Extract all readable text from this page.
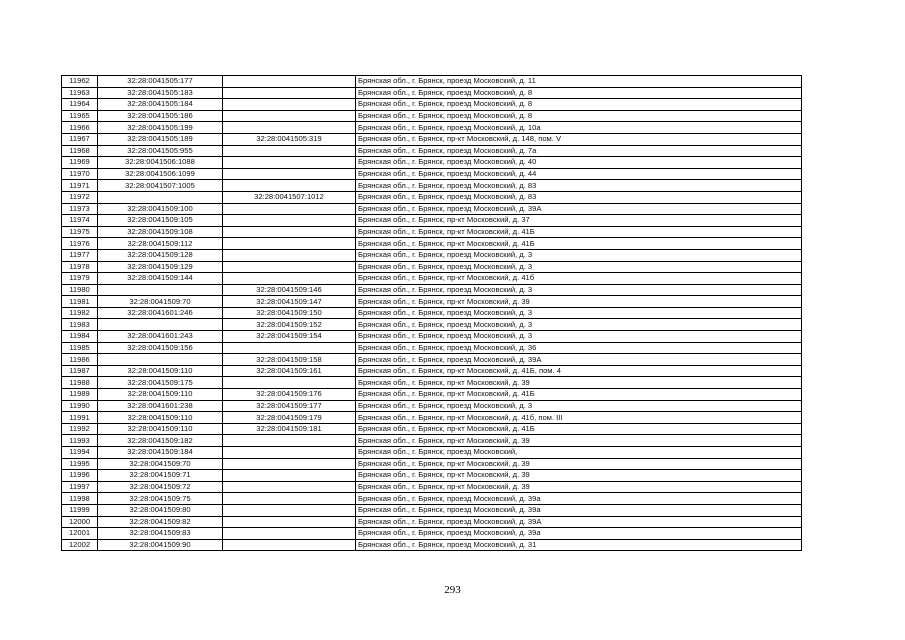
11962	32:28:0041505:177		Брянская обл., г. Брянск, проезд Московский, д. 11
11963	32:28:0041505:183		Брянская обл., г. Брянск, проезд Московский, д. 8
11964	32:28:0041505:184		Брянская обл., г. Брянск, проезд Московский, д. 8
11965	32:28:0041505:186		Брянская обл., г. Брянск, проезд Московский, д. 8
11966	32:28:0041505:199		Брянская обл., г. Брянск, проезд Московский, д. 10а
11967	32:28:0041505:189	32:28:0041505:319	Брянская обл., г. Брянск, пр-кт Московский, д. 148, пом. V
11968	32:28:0041505:955		Брянская обл., г. Брянск, проезд Московский, д. 7а
11969	32:28:0041506:1088		Брянская обл., г. Брянск, проезд Московский, д. 40
11970	32:28:0041506:1099		Брянская обл., г. Брянск, проезд Московский, д. 44
11971	32:28:0041507:1005		Брянская обл., г. Брянск, проезд Московский, д. 83
11972		32:28:0041507:1012	Брянская обл., г. Брянск, проезд Московский, д. 83
11973	32:28:0041509:100		Брянская обл., г. Брянск, проезд Московский, д. 39А
11974	32:28:0041509:105		Брянская обл., г. Брянск, пр-кт Московский, д. 37
11975	32:28:0041509:108		Брянская обл., г. Брянск, пр-кт Московский, д. 41Б
11976	32:28:0041509:112		Брянская обл., г. Брянск, пр-кт Московский, д. 41Б
11977	32:28:0041509:128		Брянская обл., г. Брянск, проезд Московский, д. 3
11978	32:28:0041509:129		Брянская обл., г. Брянск, проезд Московский, д. 3
11979	32:28:0041509:144		Брянская обл., г. Брянск, пр-кт Московский, д. 41б
11980		32:28:0041509:146	Брянская обл., г. Брянск, проезд Московский, д. 3
11981	32:28:0041509:70	32:28:0041509:147	Брянская обл., г. Брянск, пр-кт Московский, д. 39
11982	32:28:0041601:246	32:28:0041509:150	Брянская обл., г. Брянск, проезд Московский, д. 3
11983		32:28:0041509:152	Брянская обл., г. Брянск, проезд Московский, д. 3
11984	32:28:0041601:243	32:28:0041509:154	Брянская обл., г. Брянск, проезд Московский, д. 3
11985	32:28:0041509:156		Брянская обл., г. Брянск, проезд Московский, д. 36
11986		32:28:0041509:158	Брянская обл., г. Брянск, проезд Московский, д. 39А
11987	32:28:0041509:110	32:28:0041509:161	Брянская обл., г. Брянск, пр-кт Московский, д. 41Б, пом. 4
11988	32:28:0041509:175		Брянская обл., г. Брянск, пр-кт Московский, д. 39
11989	32:28:0041509:110	32:28:0041509:176	Брянская обл., г. Брянск, пр-кт Московский, д. 41Б
11990	32:28:0041601:238	32:28:0041509:177	Брянская обл., г. Брянск, проезд Московский, д. 3
11991	32:28:0041509:110	32:28:0041509:179	Брянская обл., г. Брянск, пр-кт Московский, д. 41б, пом. III
11992	32:28:0041509:110	32:28:0041509:181	Брянская обл., г. Брянск, пр-кт Московский, д. 41Б
11993	32:28:0041509:182		Брянская обл., г. Брянск, пр-кт Московский, д. 39
11994	32:28:0041509:184		Брянская обл., г. Брянск, проезд Московский,
11995	32:28:0041509:70		Брянская обл., г. Брянск, пр-кт Московский, д. 39
11996	32:28:0041509:71		Брянская обл., г. Брянск, пр-кт Московский, д. 39
11997	32:28:0041509:72		Брянская обл., г. Брянск, пр-кт Московский, д. 39
11998	32:28:0041509:75		Брянская обл., г. Брянск, проезд Московский, д. 39а
11999	32:28:0041509:80		Брянская обл., г. Брянск, проезд Московский, д. 39а
12000	32:28:0041509:82		Брянская обл., г. Брянск, проезд Московский, д. 39А
12001	32:28:0041509:83		Брянская обл., г. Брянск, проезд Московский, д. 39а
12002	32:28:0041509:90		Брянская обл., г. Брянск, проезд Московский, д. 31
293
